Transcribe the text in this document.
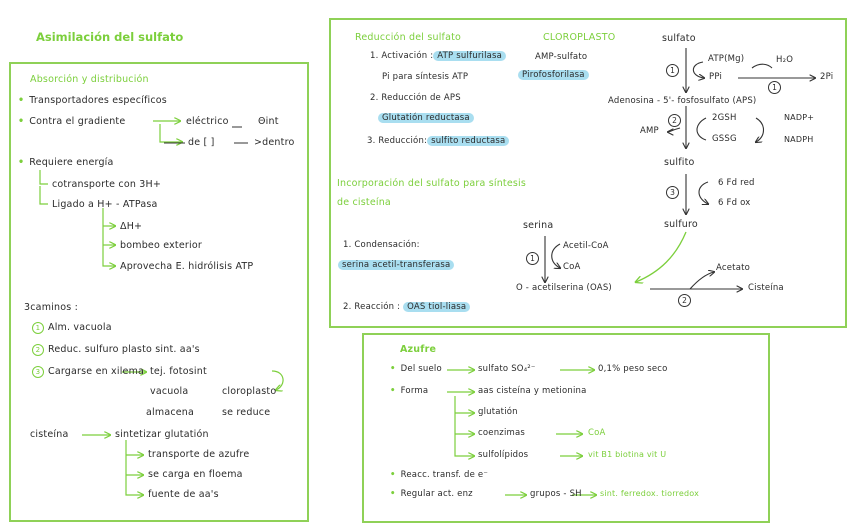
Asimilación del sulfato
Absorción y distribución
• Transportadores específicos
• Contra el gradiente	eléctrico	Θint
de [ ]	>dentro
• Requiere energía
cotransporte con 3H+
Ligado a H+ - ATPasa
ΔH+
bombeo exterior
Aprovecha E. hidrólisis ATP
3caminos :
1 Alm. vacuola
2 Reduc. sulfuro plasto sint. aa's
3 Cargarse en xilema tej. fotosint
vacuola	cloroplasto
almacena	se reduce
cisteína	sintetizar glutatión
transporte de azufre
se carga en floema
fuente de aa's
Reducción del sulfato	CLOROPLASTO
1. Activación : ATP sulfurilasa	AMP-sulfato
Pi para síntesis ATP	Pirofosforilasa
2. Reducción de APS
Glutatión reductasa
3. Reducción: sulfito reductasa
sulfato
ATP(Mg)
PPi
H₂O
2Pi
Adenosina - 5'- fosfosulfato (APS)
AMP
2GSH
GSSG
NADP+
NADPH
sulfito
6 Fd red
6 Fd ox
sulfuro
1
2
3
1
Incorporación del sulfato para síntesis
de cisteína
1. Condensación:
serina acetil-transferasa
2. Reacción : OAS tiol-liasa
serina
Acetil-CoA
CoA
O - acetilserina (OAS)
Acetato
Cisteína
1
2
Azufre
• Del suelo	sulfato SO₄²⁻	0,1% peso seco
• Forma	aas cisteína y metionina
glutatión
coenzimas	CoA
sulfolípidos	vit B1 biotina vit U
• Reacc. transf. de e⁻
• Regular act. enz	grupos - SH sint. ferredox. tiorredox
